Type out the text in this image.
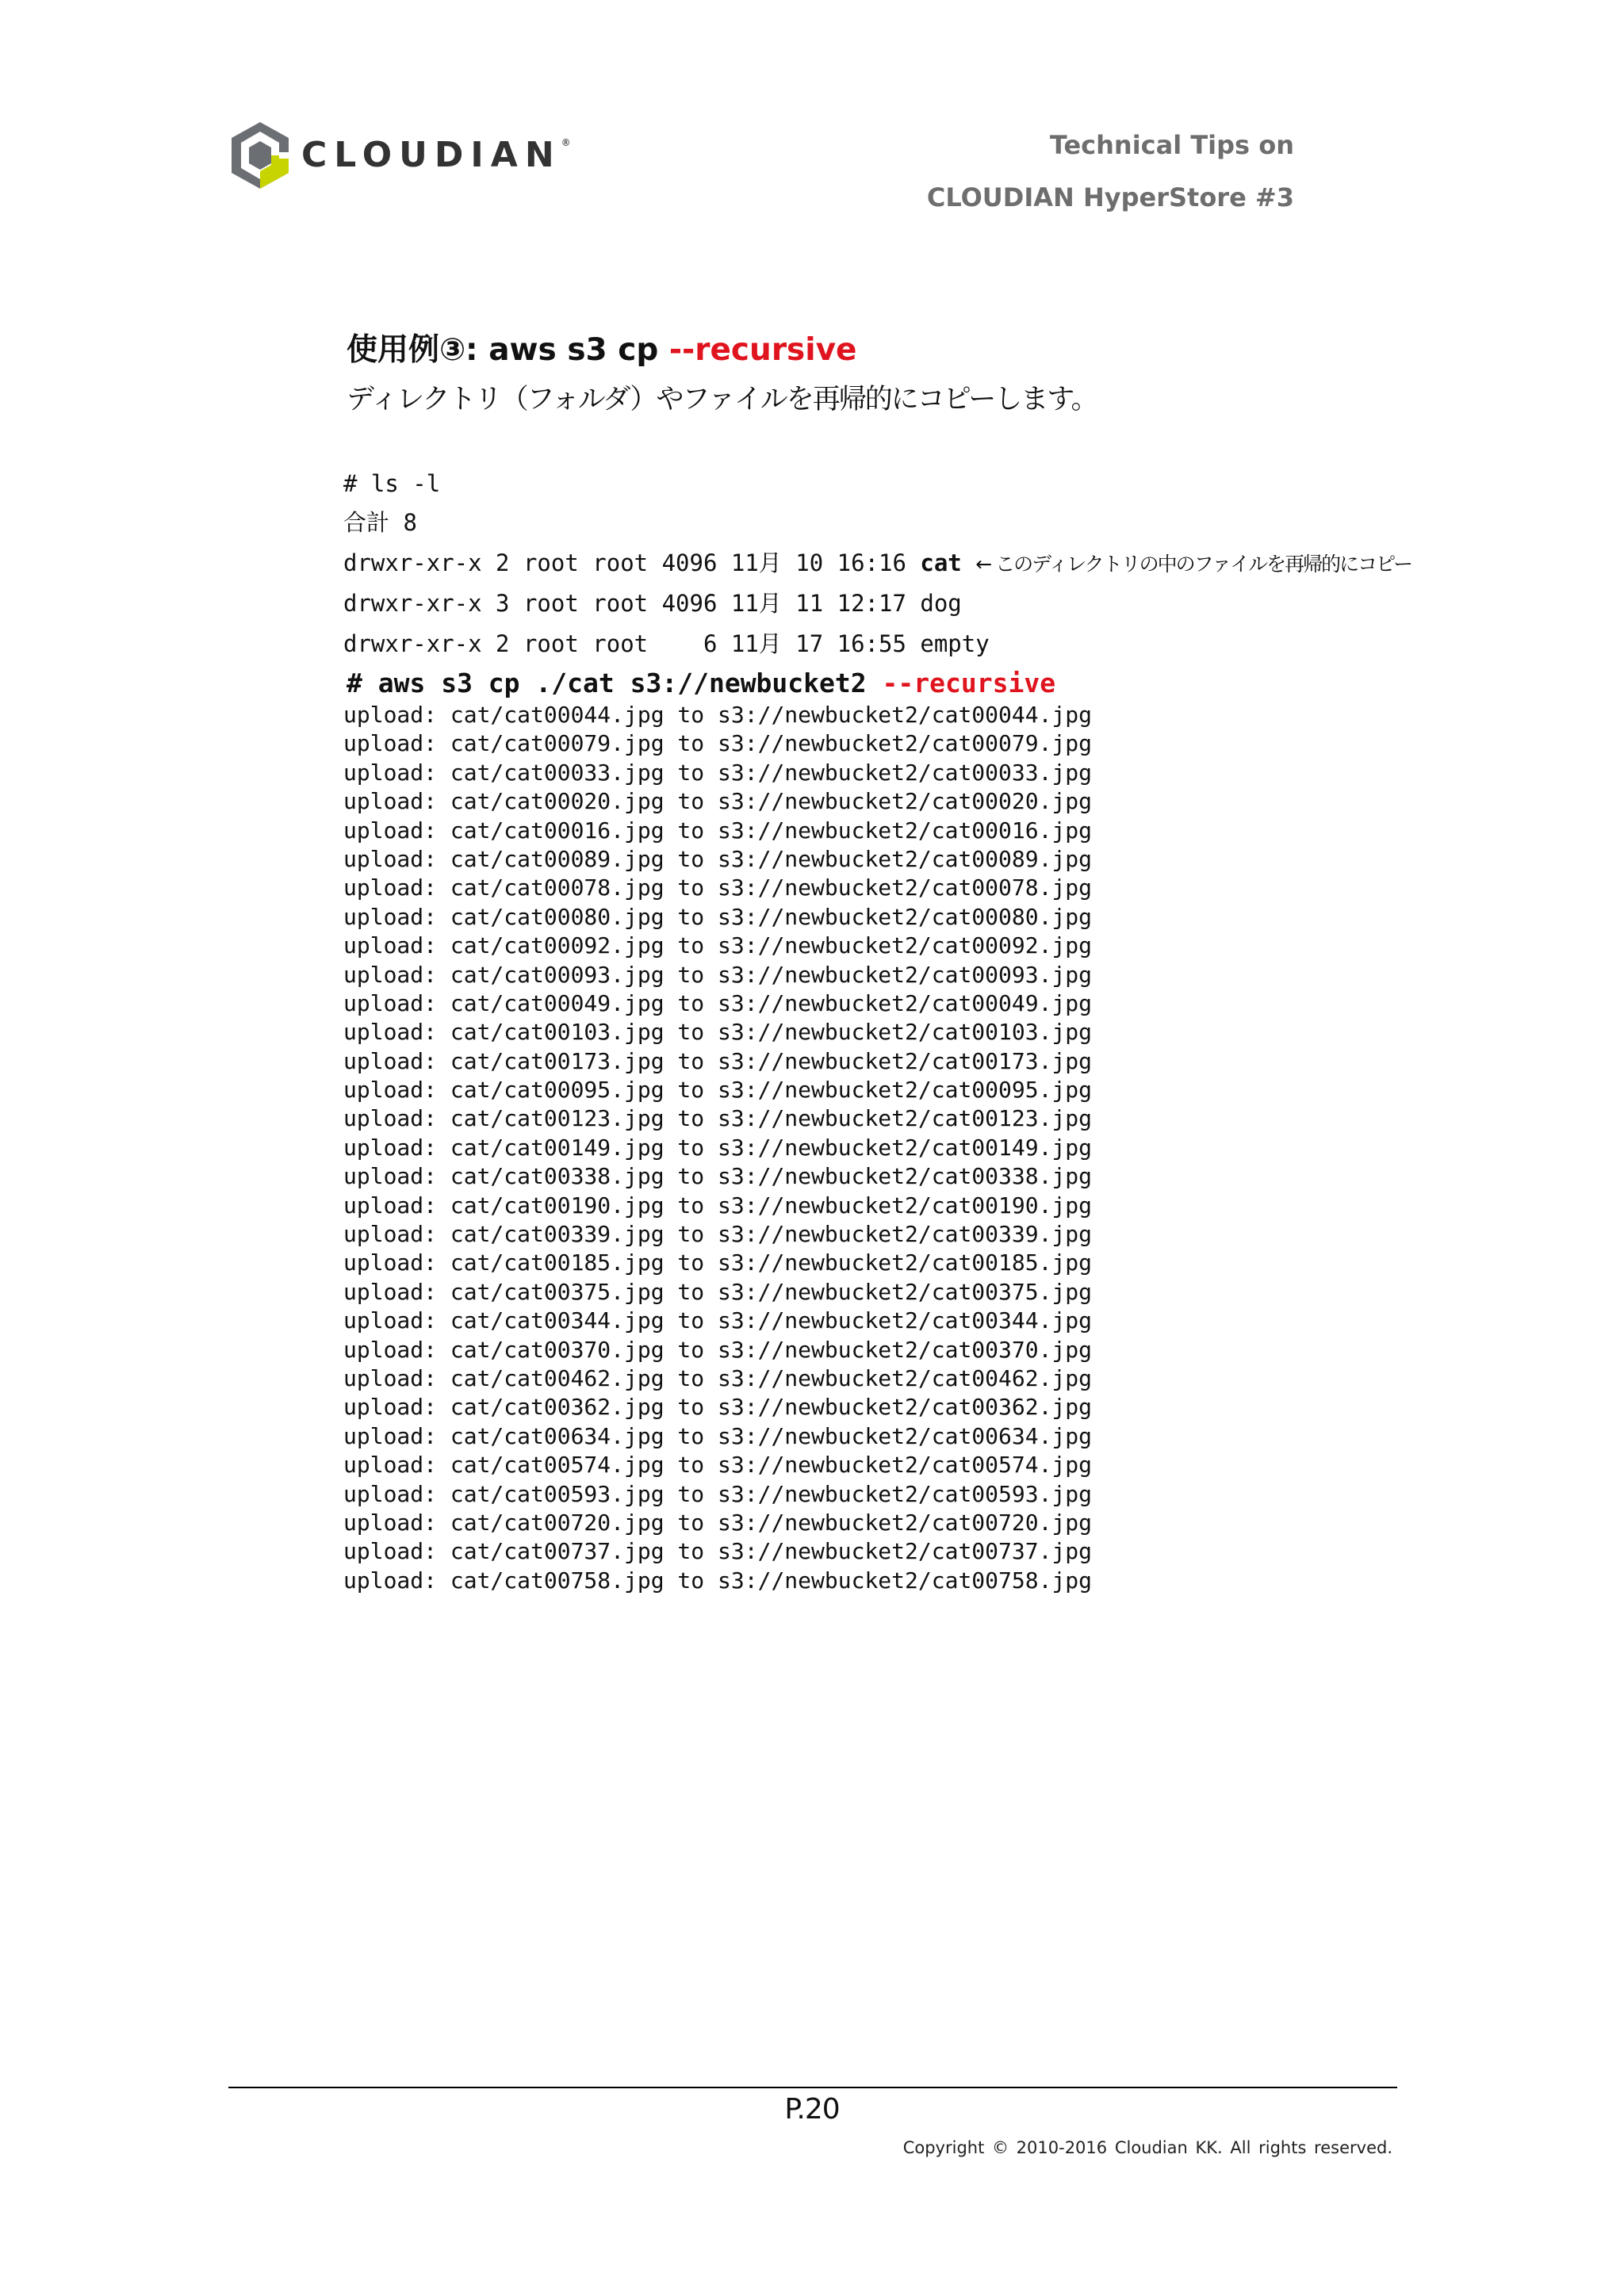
CLOUDIAN®	Technical Tips on
CLOUDIAN HyperStore #3
使用例③: aws s3 cp --recursive
ディレクトリ（フォルダ）やファイルを再帰的にコピーします。
# ls -l
合計 8
drwxr-xr-x 2 root root 4096 11月 10 16:16 cat ← このディレクトリの中のファイルを再帰的にコピー
drwxr-xr-x 3 root root 4096 11月 11 12:17 dog
drwxr-xr-x 2 root root    6 11月 17 16:55 empty
# aws s3 cp ./cat s3://newbucket2 --recursive
upload: cat/cat00044.jpg to s3://newbucket2/cat00044.jpg
upload: cat/cat00079.jpg to s3://newbucket2/cat00079.jpg
upload: cat/cat00033.jpg to s3://newbucket2/cat00033.jpg
upload: cat/cat00020.jpg to s3://newbucket2/cat00020.jpg
upload: cat/cat00016.jpg to s3://newbucket2/cat00016.jpg
upload: cat/cat00089.jpg to s3://newbucket2/cat00089.jpg
upload: cat/cat00078.jpg to s3://newbucket2/cat00078.jpg
upload: cat/cat00080.jpg to s3://newbucket2/cat00080.jpg
upload: cat/cat00092.jpg to s3://newbucket2/cat00092.jpg
upload: cat/cat00093.jpg to s3://newbucket2/cat00093.jpg
upload: cat/cat00049.jpg to s3://newbucket2/cat00049.jpg
upload: cat/cat00103.jpg to s3://newbucket2/cat00103.jpg
upload: cat/cat00173.jpg to s3://newbucket2/cat00173.jpg
upload: cat/cat00095.jpg to s3://newbucket2/cat00095.jpg
upload: cat/cat00123.jpg to s3://newbucket2/cat00123.jpg
upload: cat/cat00149.jpg to s3://newbucket2/cat00149.jpg
upload: cat/cat00338.jpg to s3://newbucket2/cat00338.jpg
upload: cat/cat00190.jpg to s3://newbucket2/cat00190.jpg
upload: cat/cat00339.jpg to s3://newbucket2/cat00339.jpg
upload: cat/cat00185.jpg to s3://newbucket2/cat00185.jpg
upload: cat/cat00375.jpg to s3://newbucket2/cat00375.jpg
upload: cat/cat00344.jpg to s3://newbucket2/cat00344.jpg
upload: cat/cat00370.jpg to s3://newbucket2/cat00370.jpg
upload: cat/cat00462.jpg to s3://newbucket2/cat00462.jpg
upload: cat/cat00362.jpg to s3://newbucket2/cat00362.jpg
upload: cat/cat00634.jpg to s3://newbucket2/cat00634.jpg
upload: cat/cat00574.jpg to s3://newbucket2/cat00574.jpg
upload: cat/cat00593.jpg to s3://newbucket2/cat00593.jpg
upload: cat/cat00720.jpg to s3://newbucket2/cat00720.jpg
upload: cat/cat00737.jpg to s3://newbucket2/cat00737.jpg
upload: cat/cat00758.jpg to s3://newbucket2/cat00758.jpg
P.20
Copyright © 2010-2016 Cloudian KK. All rights reserved.
